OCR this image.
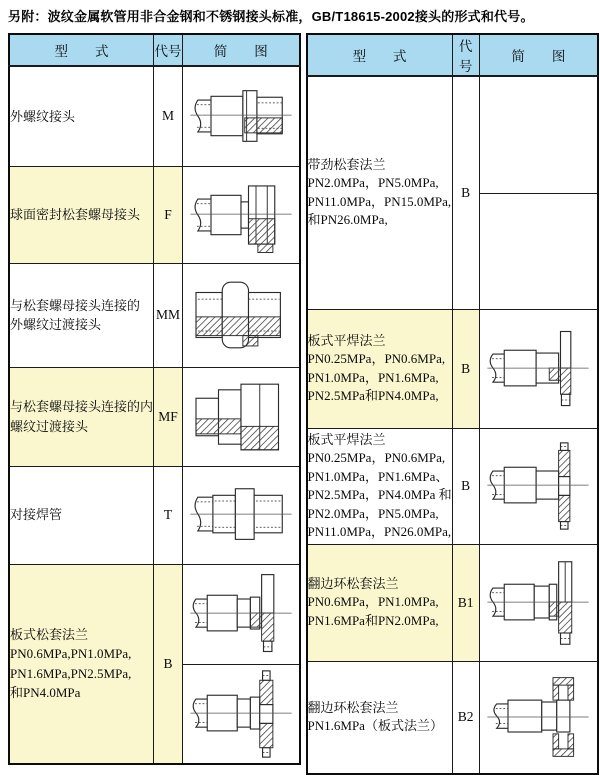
另附：波纹金属软管用非合金钢和不锈钢接头标准，GB/T18615-2002接头的形式和代号。
型　　式	代号	简　　图

外螺纹接头	M	

球面密封松套螺母接头	F	

与松套螺母接头连接的
外螺纹过渡接头	MM	

与松套螺母接头连接的内
螺纹过渡接头	MF	

对接焊管	T	

板式松套法兰
PN0.6MPa,PN1.0MPa,
PN1.6MPa,PN2.5MPa,
和PN4.0MPa	B	

型　　式	代号	简　　图

带劲松套法兰
PN2.0MPa，PN5.0MPa,
PN11.0MPa，PN15.0MPa,
和PN26.0MPa,	B	

板式平焊法兰
PN0.25MPa，PN0.6MPa,
PN1.0MPa，PN1.6MPa,
PN2.5MPa和PN4.0MPa,	B	

板式平焊法兰
PN0.25MPa，PN0.6MPa,
PN1.0MPa，PN1.6MPa、
PN2.5MPa，PN4.0MPa 和
PN2.0MPa，PN5.0MPa,
PN11.0MPa，PN26.0MPa,
	B	

翻边环松套法兰
PN0.6MPa，PN1.0MPa,
PN1.6MPa和PN2.0MPa,	B1	

翻边环松套法兰
PN1.6MPa（板式法兰）	B2	
